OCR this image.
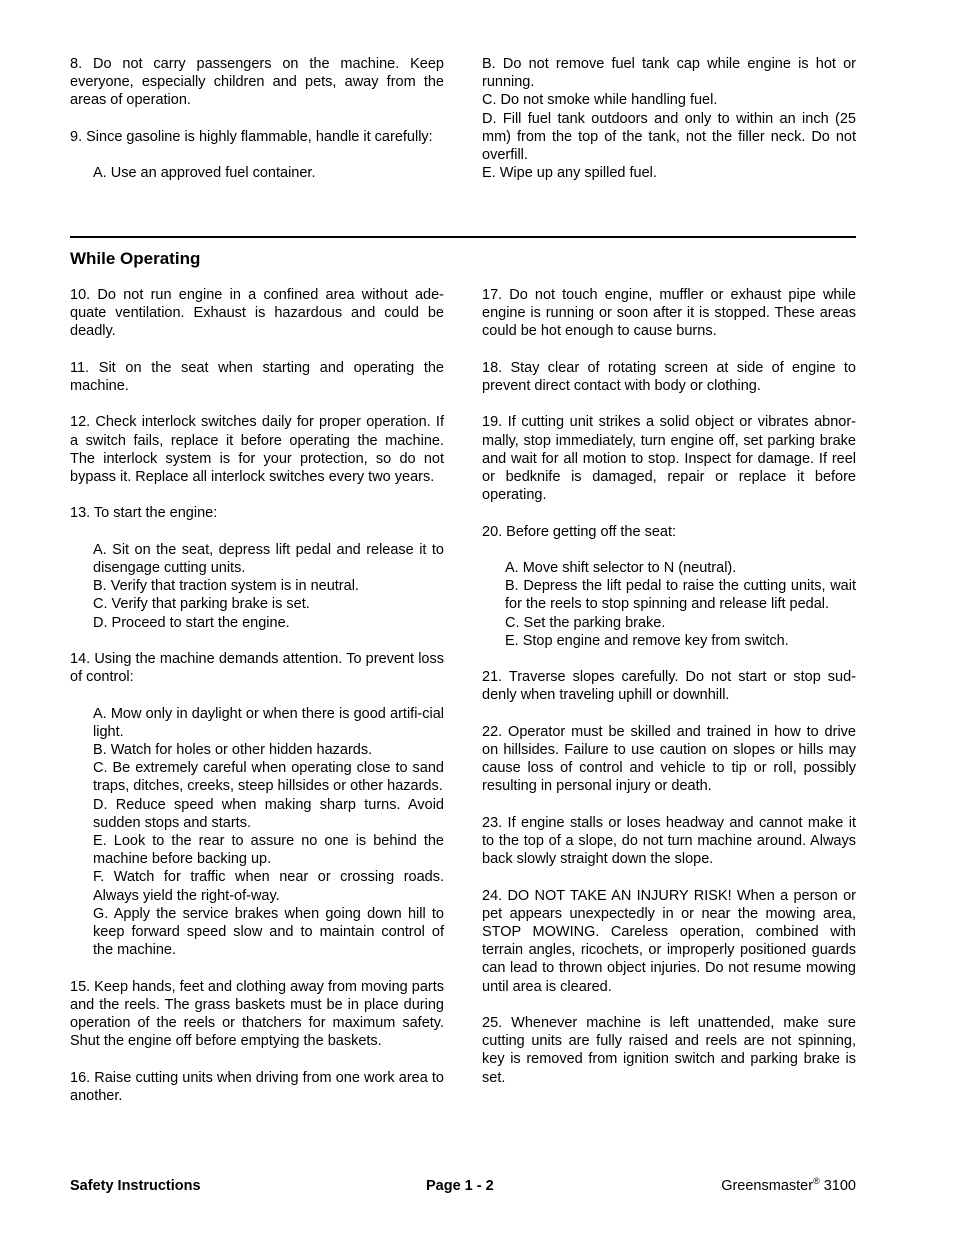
8. Do not carry passengers on the machine. Keep everyone, especially children and pets, away from the areas of operation.

9. Since gasoline is highly flammable, handle it carefully:

A. Use an approved fuel container.

B. Do not remove fuel tank cap while engine is hot or running.

C. Do not smoke while handling fuel.

D. Fill fuel tank outdoors and only to within an inch (25 mm) from the top of the tank, not the filler neck. Do not overfill.

E. Wipe up any spilled fuel.

While Operating

10. Do not run engine in a confined area without ade-quate ventilation. Exhaust is hazardous and could be deadly.

11. Sit on the seat when starting and operating the machine.

12. Check interlock switches daily for proper operation. If a switch fails, replace it before operating the machine. The interlock system is for your protection, so do not bypass it. Replace all interlock switches every two years.

13. To start the engine:

A. Sit on the seat, depress lift pedal and release it to disengage cutting units.

B. Verify that traction system is in neutral.

C. Verify that parking brake is set.

D. Proceed to start the engine.

14. Using the machine demands attention. To prevent loss of control:

A. Mow only in daylight or when there is good artifi-cial light.

B. Watch for holes or other hidden hazards.

C. Be extremely careful when operating close to sand traps, ditches, creeks, steep hillsides or other hazards.

D. Reduce speed when making sharp turns. Avoid sudden stops and starts.

E. Look to the rear to assure no one is behind the machine before backing up.

F. Watch for traffic when near or crossing roads. Always yield the right-of-way.

G. Apply the service brakes when going down hill to keep forward speed slow and to maintain control of the machine.

15. Keep hands, feet and clothing away from moving parts and the reels. The grass baskets must be in place during operation of the reels or thatchers for maximum safety. Shut the engine off before emptying the baskets.

16. Raise cutting units when driving from one work area to another.

17. Do not touch engine, muffler or exhaust pipe while engine is running or soon after it is stopped. These areas could be hot enough to cause burns.

18. Stay clear of rotating screen at side of engine to prevent direct contact with body or clothing.

19. If cutting unit strikes a solid object or vibrates abnor-mally, stop immediately, turn engine off, set parking brake and wait for all motion to stop. Inspect for damage. If reel or bedknife is damaged, repair or replace it before operating.

20. Before getting off the seat:

A. Move shift selector to N (neutral).

B. Depress the lift pedal to raise the cutting units, wait for the reels to stop spinning and release lift pedal.

C. Set the parking brake.

E. Stop engine and remove key from switch.

21. Traverse slopes carefully. Do not start or stop sud-denly when traveling uphill or downhill.

22. Operator must be skilled and trained in how to drive on hillsides. Failure to use caution on slopes or hills may cause loss of control and vehicle to tip or roll, possibly resulting in personal injury or death.

23. If engine stalls or loses headway and cannot make it to the top of a slope, do not turn machine around. Always back slowly straight down the slope.

24. DO NOT TAKE AN INJURY RISK! When a person or pet appears unexpectedly in or near the mowing area, STOP MOWING. Careless operation, combined with terrain angles, ricochets, or improperly positioned guards can lead to thrown object injuries. Do not resume mowing until area is cleared.

25. Whenever machine is left unattended, make sure cutting units are fully raised and reels are not spinning, key is removed from ignition switch and parking brake is set.

Safety Instructions	Page 1 - 2	Greensmaster® 3100
